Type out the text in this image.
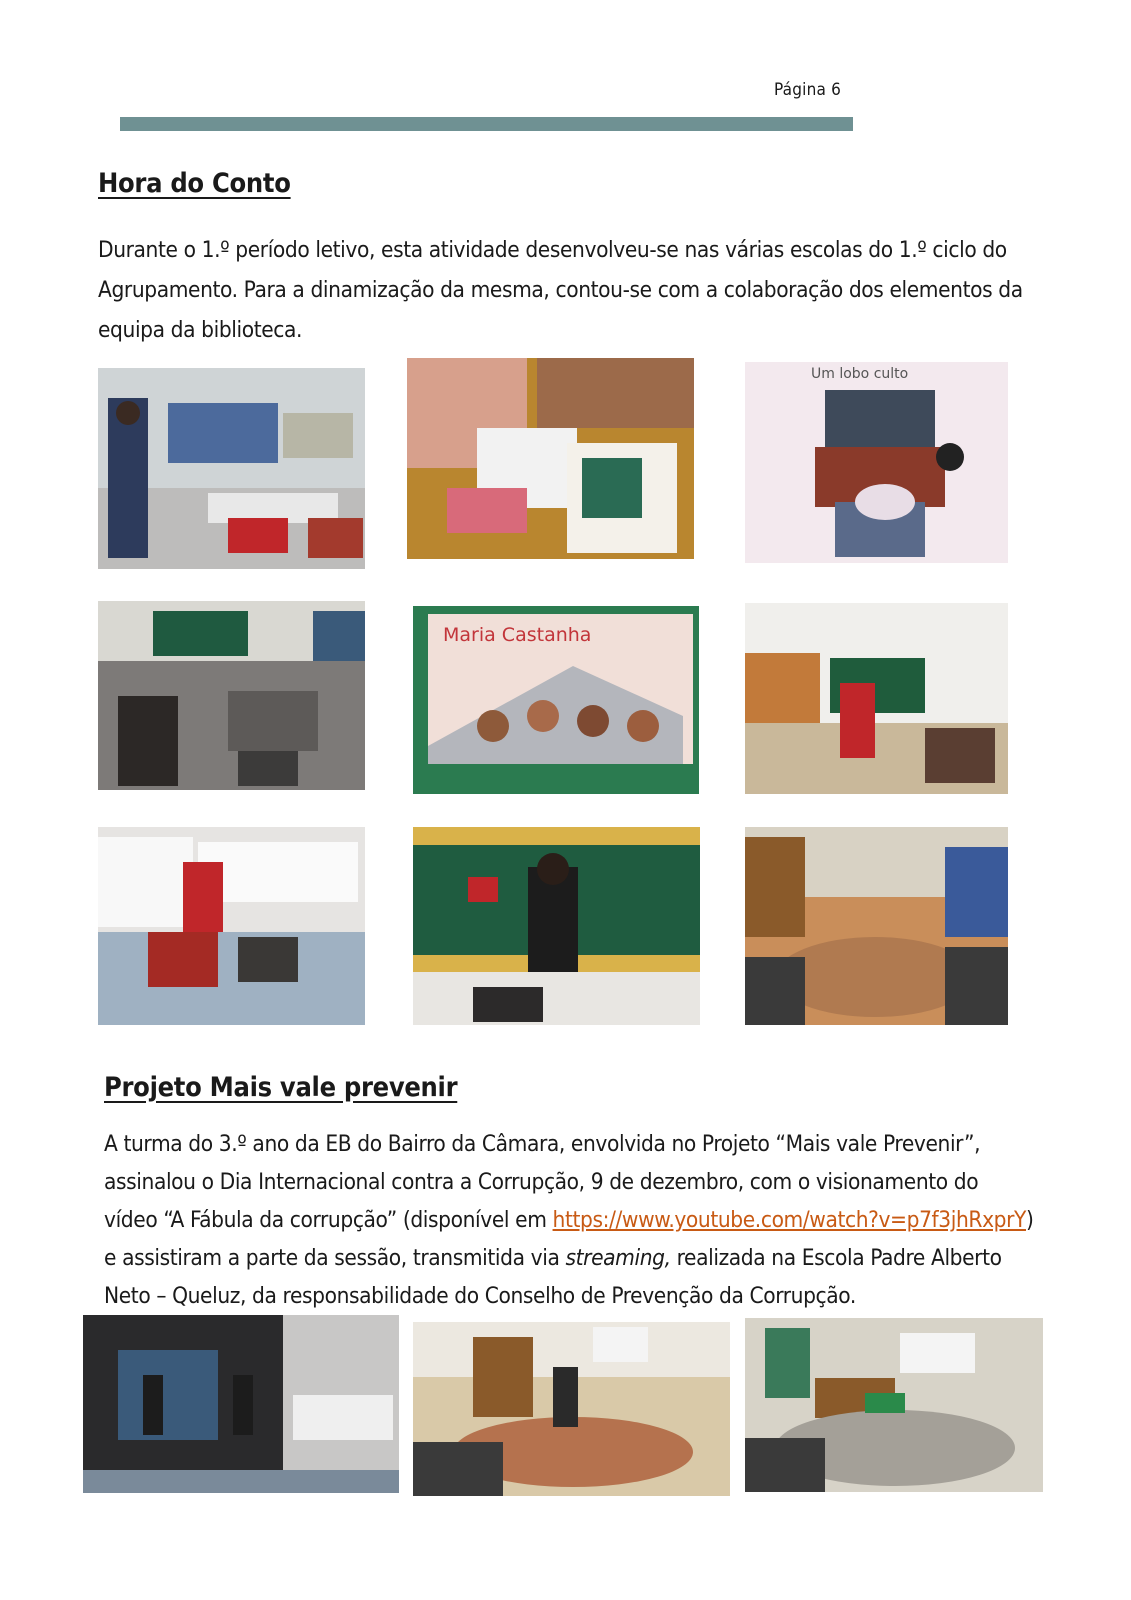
Página 6
Hora do Conto

Durante o 1.º período letivo, esta atividade desenvolveu-se nas várias escolas do 1.º ciclo do Agrupamento. Para a dinamização da mesma, contou-se com a colaboração dos elementos da equipa da biblioteca.

Um lobo culto
Maria Castanha
Projeto Mais vale prevenir

A turma do 3.º ano da EB do Bairro da Câmara, envolvida no Projeto “Mais vale Prevenir”, assinalou o Dia Internacional contra a Corrupção, 9 de dezembro, com o visionamento do vídeo “A Fábula da corrupção” (disponível em https://www.youtube.com/watch?v=p7f3jhRxprY) e assistiram a parte da sessão, transmitida via streaming, realizada na Escola Padre Alberto Neto – Queluz, da responsabilidade do Conselho de Prevenção da Corrupção.
